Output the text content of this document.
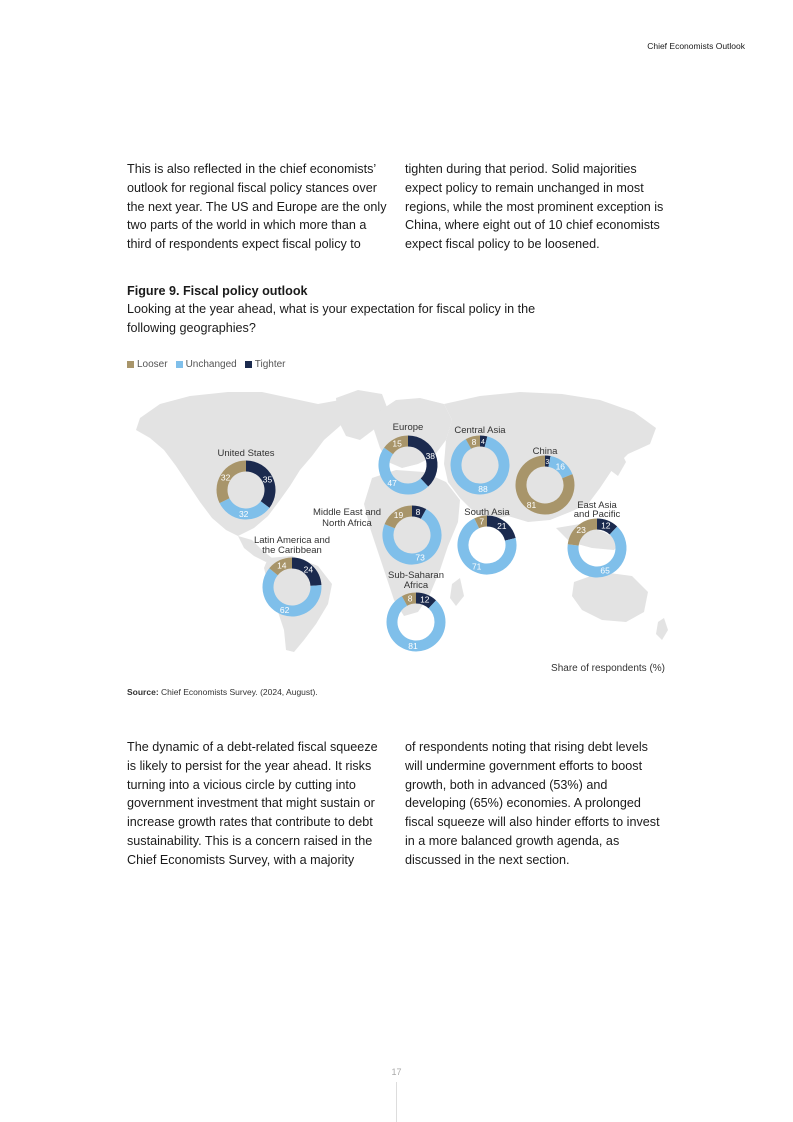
Chief Economists Outlook
This is also reflected in the chief economists’ outlook for regional fiscal policy stances over the next year. The US and Europe are the only two parts of the world in which more than a third of respondents expect fiscal policy to
tighten during that period. Solid majorities expect policy to remain unchanged in most regions, while the most prominent exception is China, where eight out of 10 chief economists expect fiscal policy to be loosened.
Figure 9. Fiscal policy outlook
Looking at the year ahead, what is your expectation for fiscal policy in the following geographies?
Looser Unchanged Tighter
35
32
32
United States	38
47
15
Europe
4
88
8
Central Asia
3 16
81
China
8
73
19
Middle East and
North Africa	21
71
7
South Asia
12
65
23
East Asia
and Pacific
24
62
14
Latin America and
the Caribbean
12
81
8
Sub-Saharan
Africa
Share of respondents (%)
Source: Chief Economists Survey. (2024, August).
The dynamic of a debt-related fiscal squeeze is likely to persist for the year ahead. It risks turning into a vicious circle by cutting into government investment that might sustain or increase growth rates that contribute to debt sustainability. This is a concern raised in the Chief Economists Survey, with a majority
of respondents noting that rising debt levels will undermine government efforts to boost growth, both in advanced (53%) and developing (65%) economies. A prolonged fiscal squeeze will also hinder efforts to invest in a more balanced growth agenda, as discussed in the next section.
17
